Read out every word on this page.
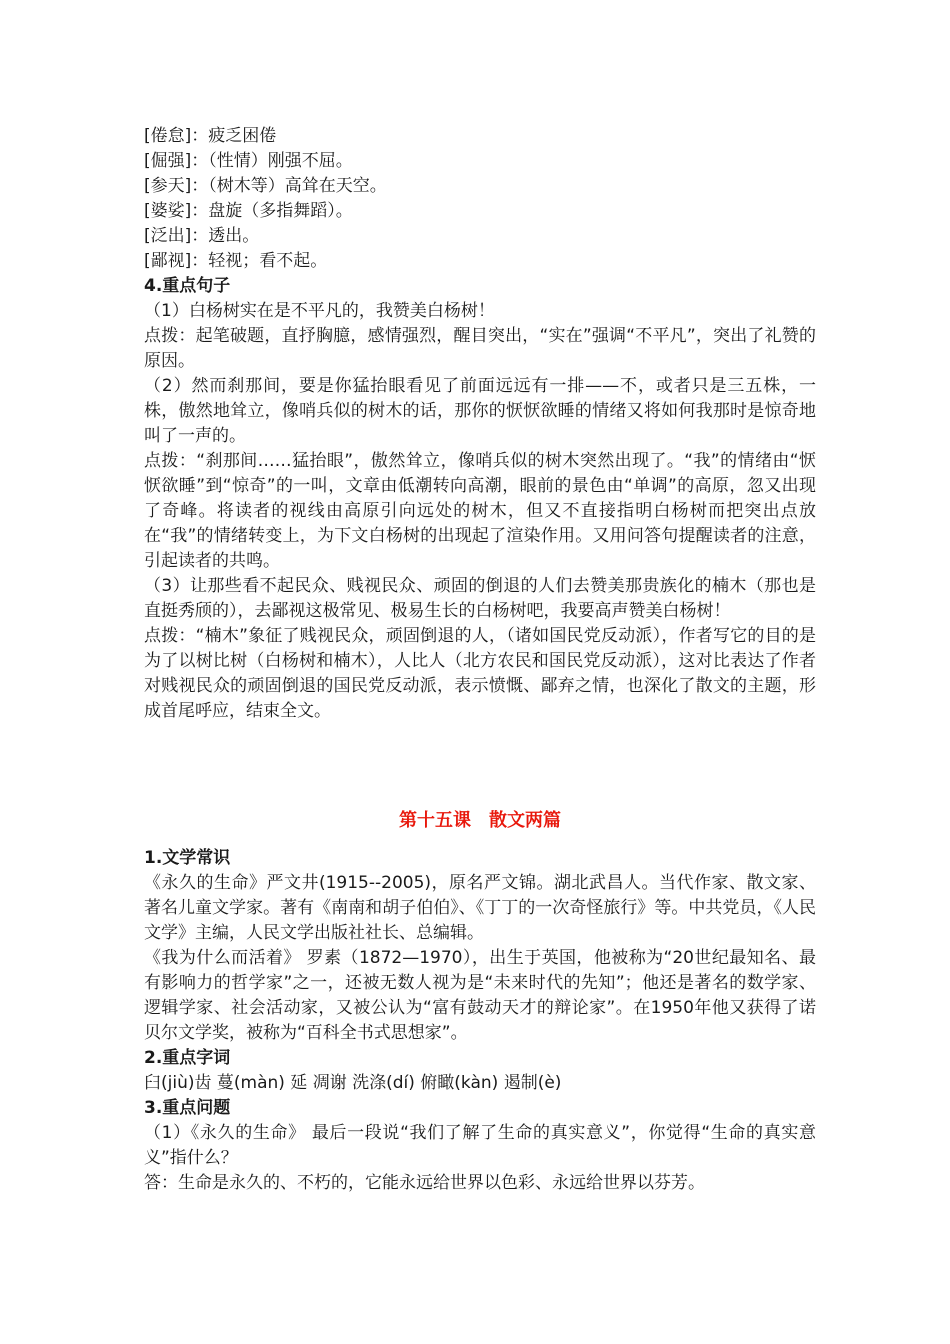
[倦怠]：疲乏困倦

[倔强]：（性情）刚强不屈。

[参天]：（树木等）高耸在天空。

[婆娑]：盘旋（多指舞蹈）。

[泛出]：透出。

[鄙视]：轻视；看不起。

4.重点句子

（1）白杨树实在是不平凡的，我赞美白杨树！

点拨：起笔破题，直抒胸臆，感情强烈，醒目突出，“实在”强调“不平凡”，突出了礼赞的原因。

（2）然而刹那间，要是你猛抬眼看见了前面远远有一排——不，或者只是三五株，一株，傲然地耸立，像哨兵似的树木的话，那你的恹恹欲睡的情绪又将如何我那时是惊奇地叫了一声的。

点拨：“刹那间……猛抬眼”，傲然耸立，像哨兵似的树木突然出现了。“我”的情绪由“恹恹欲睡”到“惊奇”的一叫，文章由低潮转向高潮，眼前的景色由“单调”的高原，忽又出现了奇峰。将读者的视线由高原引向远处的树木，但又不直接指明白杨树而把突出点放在“我”的情绪转变上，为下文白杨树的出现起了渲染作用。又用问答句提醒读者的注意，引起读者的共鸣。

（3）让那些看不起民众、贱视民众、顽固的倒退的人们去赞美那贵族化的楠木（那也是直挺秀颀的），去鄙视这极常见、极易生长的白杨树吧，我要高声赞美白杨树！

点拨：“楠木”象征了贱视民众，顽固倒退的人，（诸如国民党反动派），作者写它的目的是为了以树比树（白杨树和楠木），人比人（北方农民和国民党反动派），这对比表达了作者对贱视民众的顽固倒退的国民党反动派，表示愤慨、鄙弃之情，也深化了散文的主题，形成首尾呼应，结束全文。

第十五课　散文两篇

1.文学常识

《永久的生命》严文井(1915--2005)，原名严文锦。湖北武昌人。当代作家、散文家、著名儿童文学家。著有《南南和胡子伯伯》、《丁丁的一次奇怪旅行》等。中共党员，《人民文学》主编，人民文学出版社社长、总编辑。

《我为什么而活着》 罗素（1872—1970），出生于英国，他被称为“20世纪最知名、最有影响力的哲学家”之一，还被无数人视为是“未来时代的先知”；他还是著名的数学家、逻辑学家、社会活动家，又被公认为“富有鼓动天才的辩论家”。在1950年他又获得了诺贝尔文学奖，被称为“百科全书式思想家”。

2.重点字词

臼(jiù)齿 蔓(màn) 延 凋谢 洗涤(dí) 俯瞰(kàn) 遏制(è)

3.重点问题

（1）《永久的生命》 最后一段说“我们了解了生命的真实意义”，你觉得“生命的真实意义”指什么？

答：生命是永久的、不朽的，它能永远给世界以色彩、永远给世界以芬芳。
